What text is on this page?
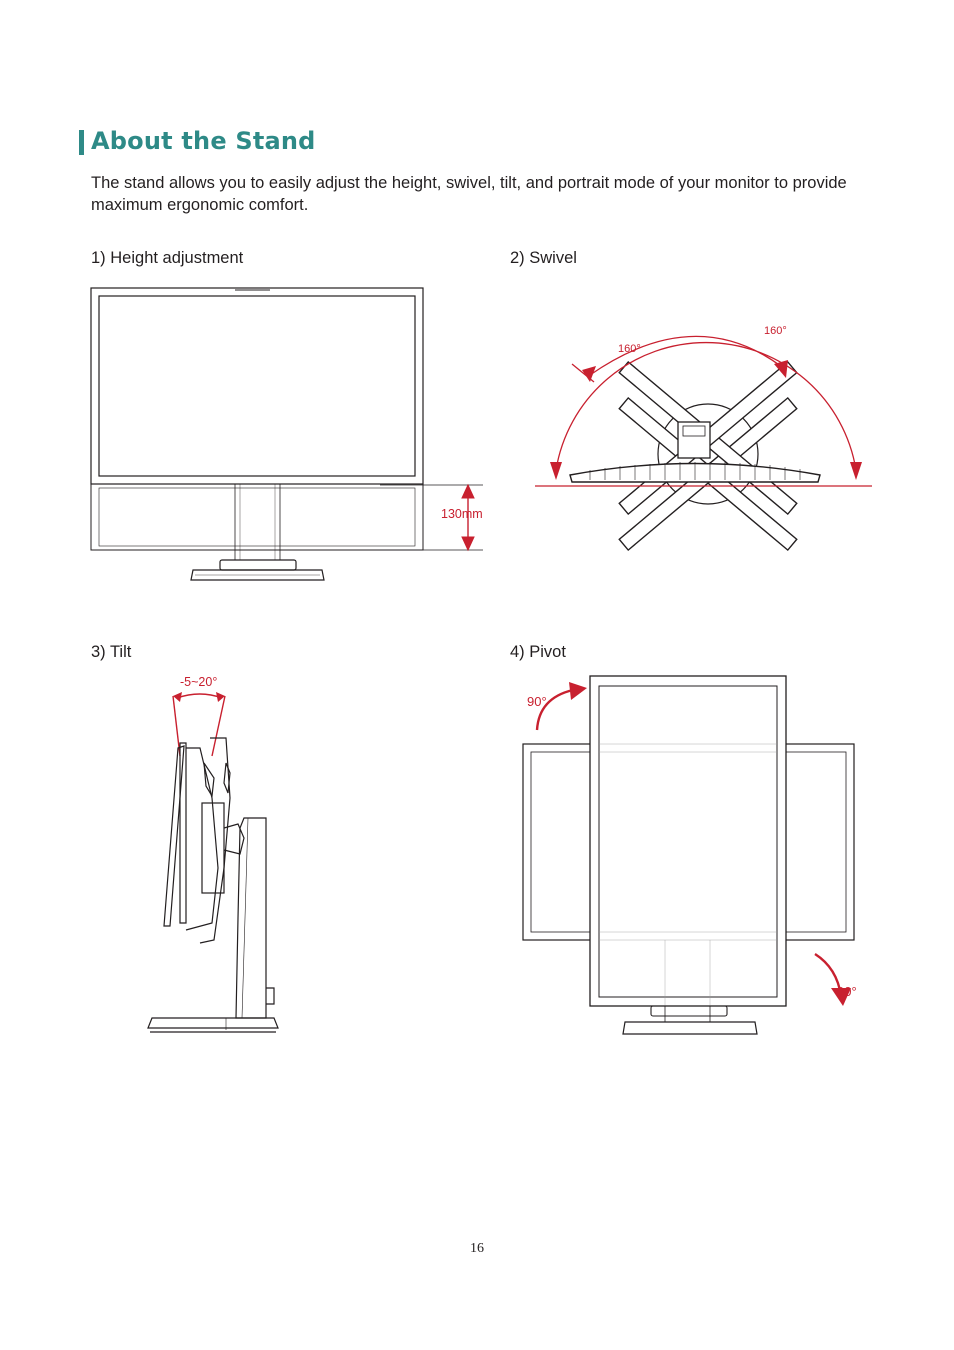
About the Stand
The stand allows you to easily adjust the height, swivel, tilt, and portrait mode of your monitor to provide maximum ergonomic comfort.
1) Height adjustment
130mm
2) Swivel
160°
160°
3) Tilt
-5~20°
4) Pivot
90°
90°
16
